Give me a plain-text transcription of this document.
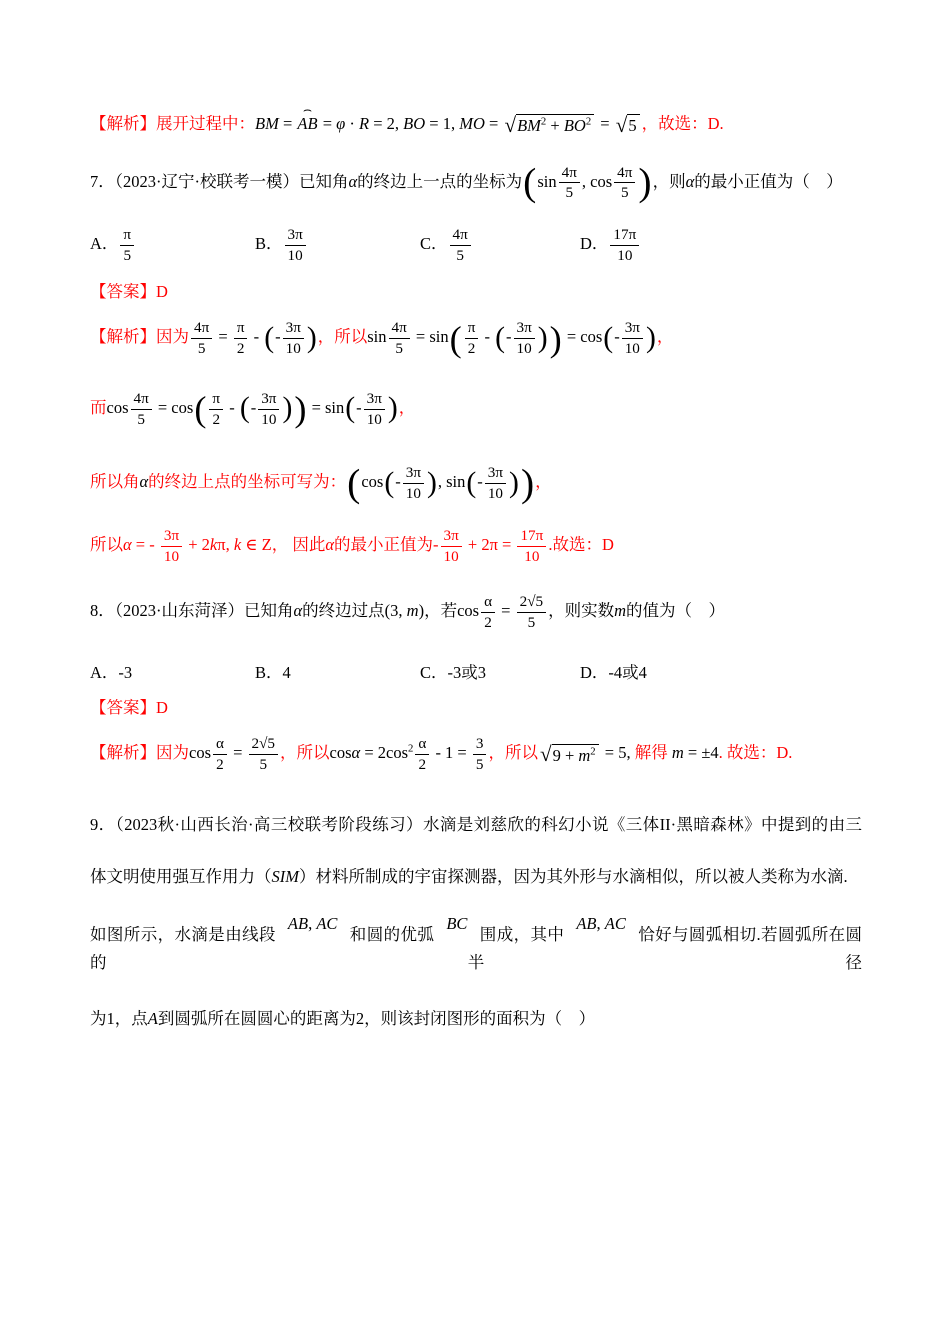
【解析】展开过程中：BM =
⌢
AB = φ · R = 2, BO = 1, MO = √ $BM^2 + BO^2$ = √ 5 ，故选：D.
7．（2023·辽宁·校联考一模）已知角α的终边上一点的坐标为($\sin \frac{4\pi}{5}$ , $\cos \frac{4\pi}{5}$ )，则α的最小正值为（　）
A． $\frac{\pi}{5}$	B． $\frac{3\pi}{10}$	C． $\frac{4\pi}{5}$	D． $\frac{17\pi}{10}$
【答案】D
【解析】因为 $\frac{4\pi}{5} = \frac{\pi}{2}$ - (- $\frac{3\pi}{10}$ )，所以$\sin \frac{4\pi}{5} = \sin( \frac{\pi}{2}$ - (- $\frac{3\pi}{10}$ )) = $\cos(- \frac{3\pi}{10}$ )，
而$\cos \frac{4\pi}{5} = \cos( \frac{\pi}{2}$ - (- $\frac{3\pi}{10}$ )) = $\sin(- \frac{3\pi}{10}$ )，
所以角α的终边上点的坐标可写为：($\cos(- \frac{3\pi}{10}$ ), $\sin(- \frac{3\pi}{10}$ ))，
所以α = - $\frac{3\pi}{10} + 2k\pi$, k ∈ Z， 因此α的最小正值为- $\frac{3\pi}{10} + 2\pi = \frac{17\pi}{10}$ .故选：D
8．（2023·山东菏泽）已知角α的终边过点(3, m)，若$\cos \frac{\alpha}{2} = \frac{2√5}{5}$ ，则实数m的值为（　）
A．-3	B．4	C．-3或3	D．-4或4
【答案】D
【解析】因为$\cos \frac{\alpha}{2} = \frac{2√5}{5}$ ，所以$\cos\alpha = 2\cos^2 \frac{\alpha}{2} - 1 = \frac{3}{5}$ ，所以 √ $9 + m^2 = 5$, 解得 m = ±4. 故选：D.
9．（2023秋·山西长治·高三校联考阶段练习）水滴是刘慈欣的科幻小说《三体II·黑暗森林》中提到的由三
体文明使用强互作用力（SIM）材料所制成的宇宙探测器，因为其外形与水滴相似，所以被人类称为水滴.
如图所示，水滴是由线段AB, AC和圆的优弧BC围成，其中AB, AC恰好与圆弧相切.若圆弧所在圆的半径
为1，点A到圆弧所在圆圆心的距离为2，则该封闭图形的面积为（　）
